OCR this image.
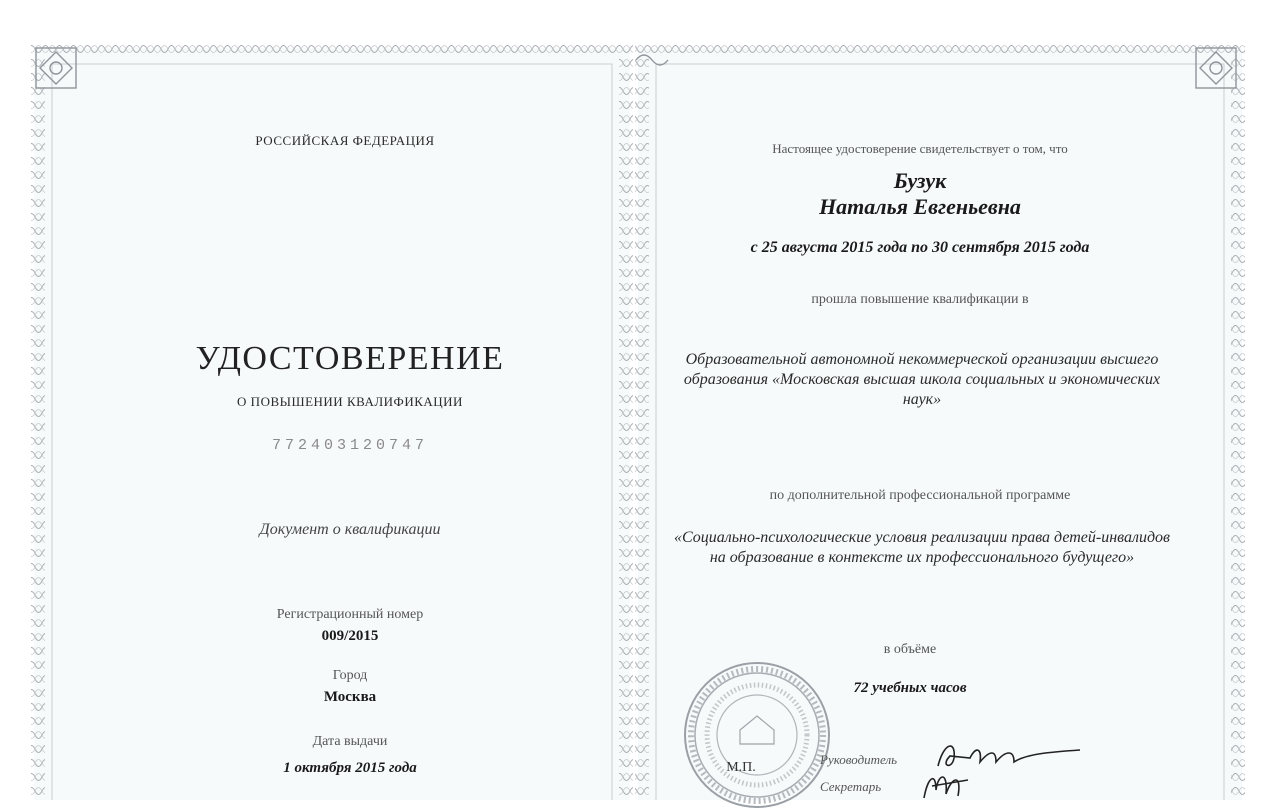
РОССИЙСКАЯ ФЕДЕРАЦИЯ
УДОСТОВЕРЕНИЕ
О ПОВЫШЕНИИ КВАЛИФИКАЦИИ
772403120747
Документ о квалификации
Регистрационный номер
009/2015
Город
Москва
Дата выдачи
1 октября 2015 года
Настоящее удостоверение свидетельствует о том, что
Бузук
Наталья Евгеньевна
с 25 августа 2015 года по 30 сентября 2015 года
прошла повышение квалификации в
Образовательной автономной некоммерческой организации высшего образования «Московская высшая школа социальных и экономических наук»
по дополнительной профессиональной программе
«Социально-психологические условия реализации права детей-инвалидов на образование в контексте их профессионального будущего»
в объёме
72 учебных часов
М.П.
Руководитель
Секретарь
